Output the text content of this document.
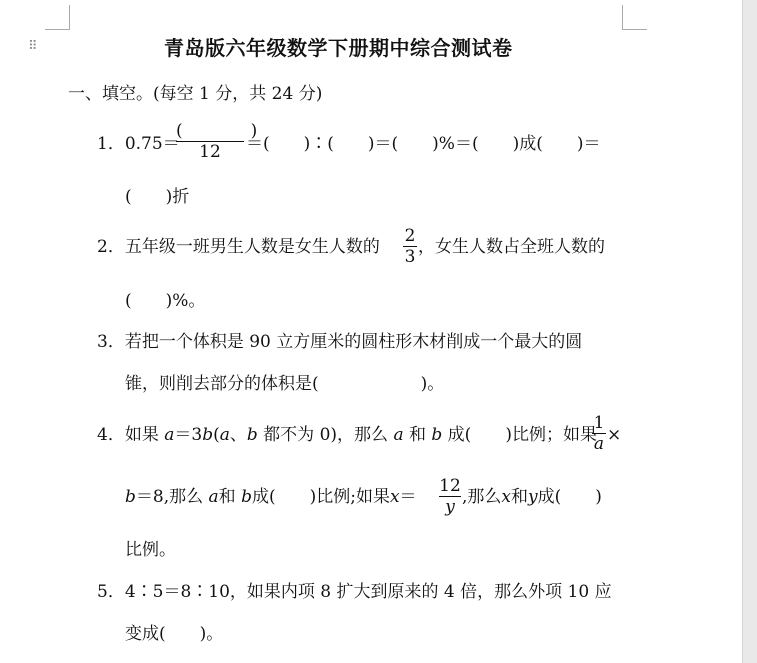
⠿	青岛版六年级数学下册期中综合测试卷
一、填空。(每空 1 分，共 24 分)
1．0.75＝
(　　　　)
12	＝(　　)∶(　　)＝(　　)%＝(　　)成(　　)＝
(　　)折
2．五年级一班男生人数是女生人数的
2
3 ，女生人数占全班人数的
(　　)%。
3．若把一个体积是 90 立方厘米的圆柱形木材削成一个最大的圆
锥，则削去部分的体积是(　　　　　　)。
4．如果 a＝3b(a、b 都不为 0)，那么 a 和 b 成(　　)比例；如果
1
a ×
b＝8,那么 a和 b成(　　)比例;如果x＝
12
y ,那么x和y成(　　)
比例。
5．4∶5＝8∶10，如果内项 8 扩大到原来的 4 倍，那么外项 10 应
变成(　　)。
